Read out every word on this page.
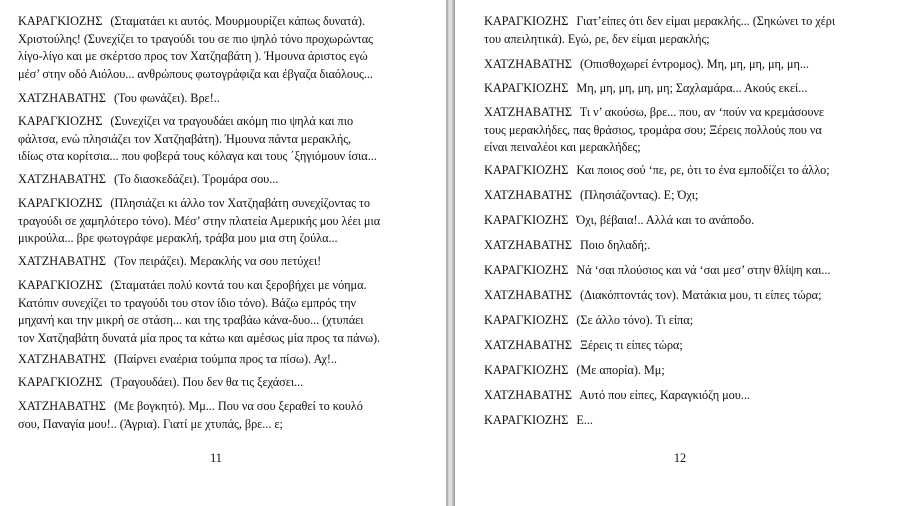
ΚΑΡΑΓΚΙΟΖΗΣ (Σταματάει κι αυτός. Μουρμουρίζει κάπως δυνατά).
Χριστούλης! (Συνεχίζει το τραγούδι του σε πιο ψηλό τόνο προχωρώντας
λίγο-λίγο και με σκέρτσο προς τον Χατζηαβάτη ). Ήμουνα άριστος εγώ
μέσ’ στην οδό Αιόλου... ανθρώπους φωτογράφιζα και έβγαζα διαόλους...
ΧΑΤΖΗΑΒΑΤΗΣ (Του φωνάζει). Βρε!..
ΚΑΡΑΓΚΙΟΖΗΣ (Συνεχίζει να τραγουδάει ακόμη πιο ψηλά και πιο
φάλτσα, ενώ πλησιάζει τον Χατζηαβάτη). Ήμουνα πάντα μερακλής,
ιδίως στα κορίτσια... που φοβερά τους κόλαγα και τους ΄ξηγιόμουν ίσια...
ΧΑΤΖΗΑΒΑΤΗΣ (Το διασκεδάζει). Τρομάρα σου...
ΚΑΡΑΓΚΙΟΖΗΣ (Πλησιάζει κι άλλο τον Χατζηαβάτη συνεχίζοντας το
τραγούδι σε χαμηλότερο τόνο). Μέσ’ στην πλατεία Αμερικής μου λέει μια
μικρούλα... βρε φωτογράφε μερακλή, τράβα μου μια στη ζούλα...
ΧΑΤΖΗΑΒΑΤΗΣ (Τον πειράζει). Μερακλής να σου πετύχει!
ΚΑΡΑΓΚΙΟΖΗΣ (Σταματάει πολύ κοντά του και ξεροβήχει με νόημα.
Κατόπιν συνεχίζει το τραγούδι του στον ίδιο τόνο). Βάζω εμπρός την
μηχανή και την μικρή σε στάση... και της τραβάω κάνα-δυο... (χτυπάει
τον Χατζηαβάτη δυνατά μία προς τα κάτω και αμέσως μία προς τα πάνω).
ΧΑΤΖΗΑΒΑΤΗΣ (Παίρνει εναέρια τούμπα προς τα πίσω). Αχ!..
ΚΑΡΑΓΚΙΟΖΗΣ (Τραγουδάει). Που δεν θα τις ξεχάσει...
ΧΑΤΖΗΑΒΑΤΗΣ (Με βογκητό). Μμ... Που να σου ξεραθεί το κουλό
σου, Παναγία μου!.. (Άγρια). Γιατί με χτυπάς, βρε... ε;
11
ΚΑΡΑΓΚΙΟΖΗΣ Γιατ’είπες ότι δεν είμαι μερακλής... (Σηκώνει το χέρι
του απειλητικά). Εγώ, ρε, δεν είμαι μερακλής;
ΧΑΤΖΗΑΒΑΤΗΣ (Οπισθοχωρεί έντρομος). Μη, μη, μη, μη, μη...
ΚΑΡΑΓΚΙΟΖΗΣ Μη, μη, μη, μη, μη; Σαχλαμάρα... Ακούς εκεί...
ΧΑΤΖΗΑΒΑΤΗΣ Τι ν’ ακούσω, βρε... που, αν ‘πούν να κρεμάσουνε
τους μερακλήδες, πας θράσιος, τρομάρα σου; Ξέρεις πολλούς που να
είναι πειναλέοι και μερακλήδες;
ΚΑΡΑΓΚΙΟΖΗΣ Και ποιος σού ‘πε, ρε, ότι το ένα εμποδίζει το άλλο;
ΧΑΤΖΗΑΒΑΤΗΣ (Πλησιάζοντας). Ε; Όχι;
ΚΑΡΑΓΚΙΟΖΗΣ Όχι, βέβαια!.. Αλλά και το ανάποδο.
ΧΑΤΖΗΑΒΑΤΗΣ Ποιο δηλαδή;.
ΚΑΡΑΓΚΙΟΖΗΣ Νά ‘σαι πλούσιος και νά ‘σαι μεσ’ στην θλίψη και...
ΧΑΤΖΗΑΒΑΤΗΣ (Διακόπτοντάς τον). Ματάκια μου, τι είπες τώρα;
ΚΑΡΑΓΚΙΟΖΗΣ (Σε άλλο τόνο). Τι είπα;
ΧΑΤΖΗΑΒΑΤΗΣ Ξέρεις τι είπες τώρα;
ΚΑΡΑΓΚΙΟΖΗΣ (Με απορία). Μμ;
ΧΑΤΖΗΑΒΑΤΗΣ Αυτό που είπες, Καραγκιόζη μου...
ΚΑΡΑΓΚΙΟΖΗΣ Ε...
12
